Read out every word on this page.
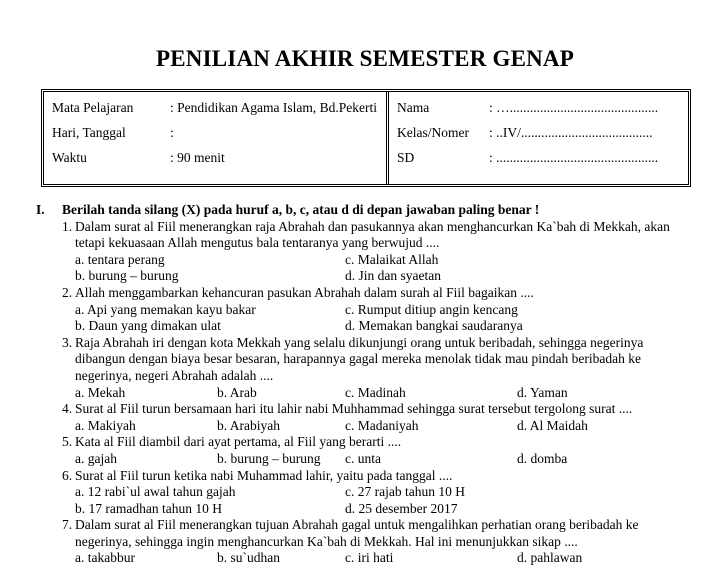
PENILIAN AKHIR SEMESTER GENAP
Mata Pelajaran	: Pendidikan Agama Islam, Bd.Pekerti
Hari, Tanggal	:
Waktu	: 90 menit
Nama	: …............................................
Kelas/Nomer : ..IV/.......................................
SD	: ................................................
I. Berilah tanda silang (X) pada huruf a, b, c, atau d di depan jawaban paling benar !
1. Dalam surat al Fiil menerangkan raja Abrahah dan pasukannya akan menghancurkan Ka`bah di Mekkah, akan tetapi kekuasaan Allah mengutus bala tentaranya yang berwujud ....
a. tentara perang	c. Malaikat Allah
b. burung – burung	d. Jin dan syaetan
2. Allah menggambarkan kehancuran pasukan Abrahah dalam surah al Fiil bagaikan ....
a. Api yang memakan kayu bakar	c. Rumput ditiup angin kencang
b. Daun yang dimakan ulat	d. Memakan bangkai saudaranya
3. Raja Abrahah iri dengan kota Mekkah yang selalu dikunjungi orang untuk beribadah, sehingga negerinya dibangun dengan biaya besar besaran, harapannya gagal mereka menolak tidak mau pindah beribadah ke negerinya, negeri Abrahah adalah ....
a. Mekah	b. Arab	c. Madinah	d. Yaman
4. Surat al Fiil turun bersamaan hari itu lahir nabi Muhhammad sehingga surat tersebut tergolong surat ....
a. Makiyah	b. Arabiyah	c. Madaniyah	d. Al Maidah
5. Kata al Fiil diambil dari ayat pertama, al Fiil yang berarti ....
a. gajah	b. burung – burung c. unta	d. domba
6. Surat al Fiil turun ketika nabi Muhammad lahir, yaitu pada tanggal ....
a. 12 rabi`ul awal tahun gajah	c. 27 rajab tahun 10 H
b. 17 ramadhan tahun 10 H	d. 25 desember 2017
7. Dalam surat al Fiil menerangkan tujuan Abrahah gagal untuk mengalihkan perhatian orang beribadah ke negerinya, sehingga ingin menghancurkan Ka`bah di Mekkah. Hal ini menunjukkan sikap ....
a. takabbur	b. su`udhan	c. iri hati	d. pahlawan
